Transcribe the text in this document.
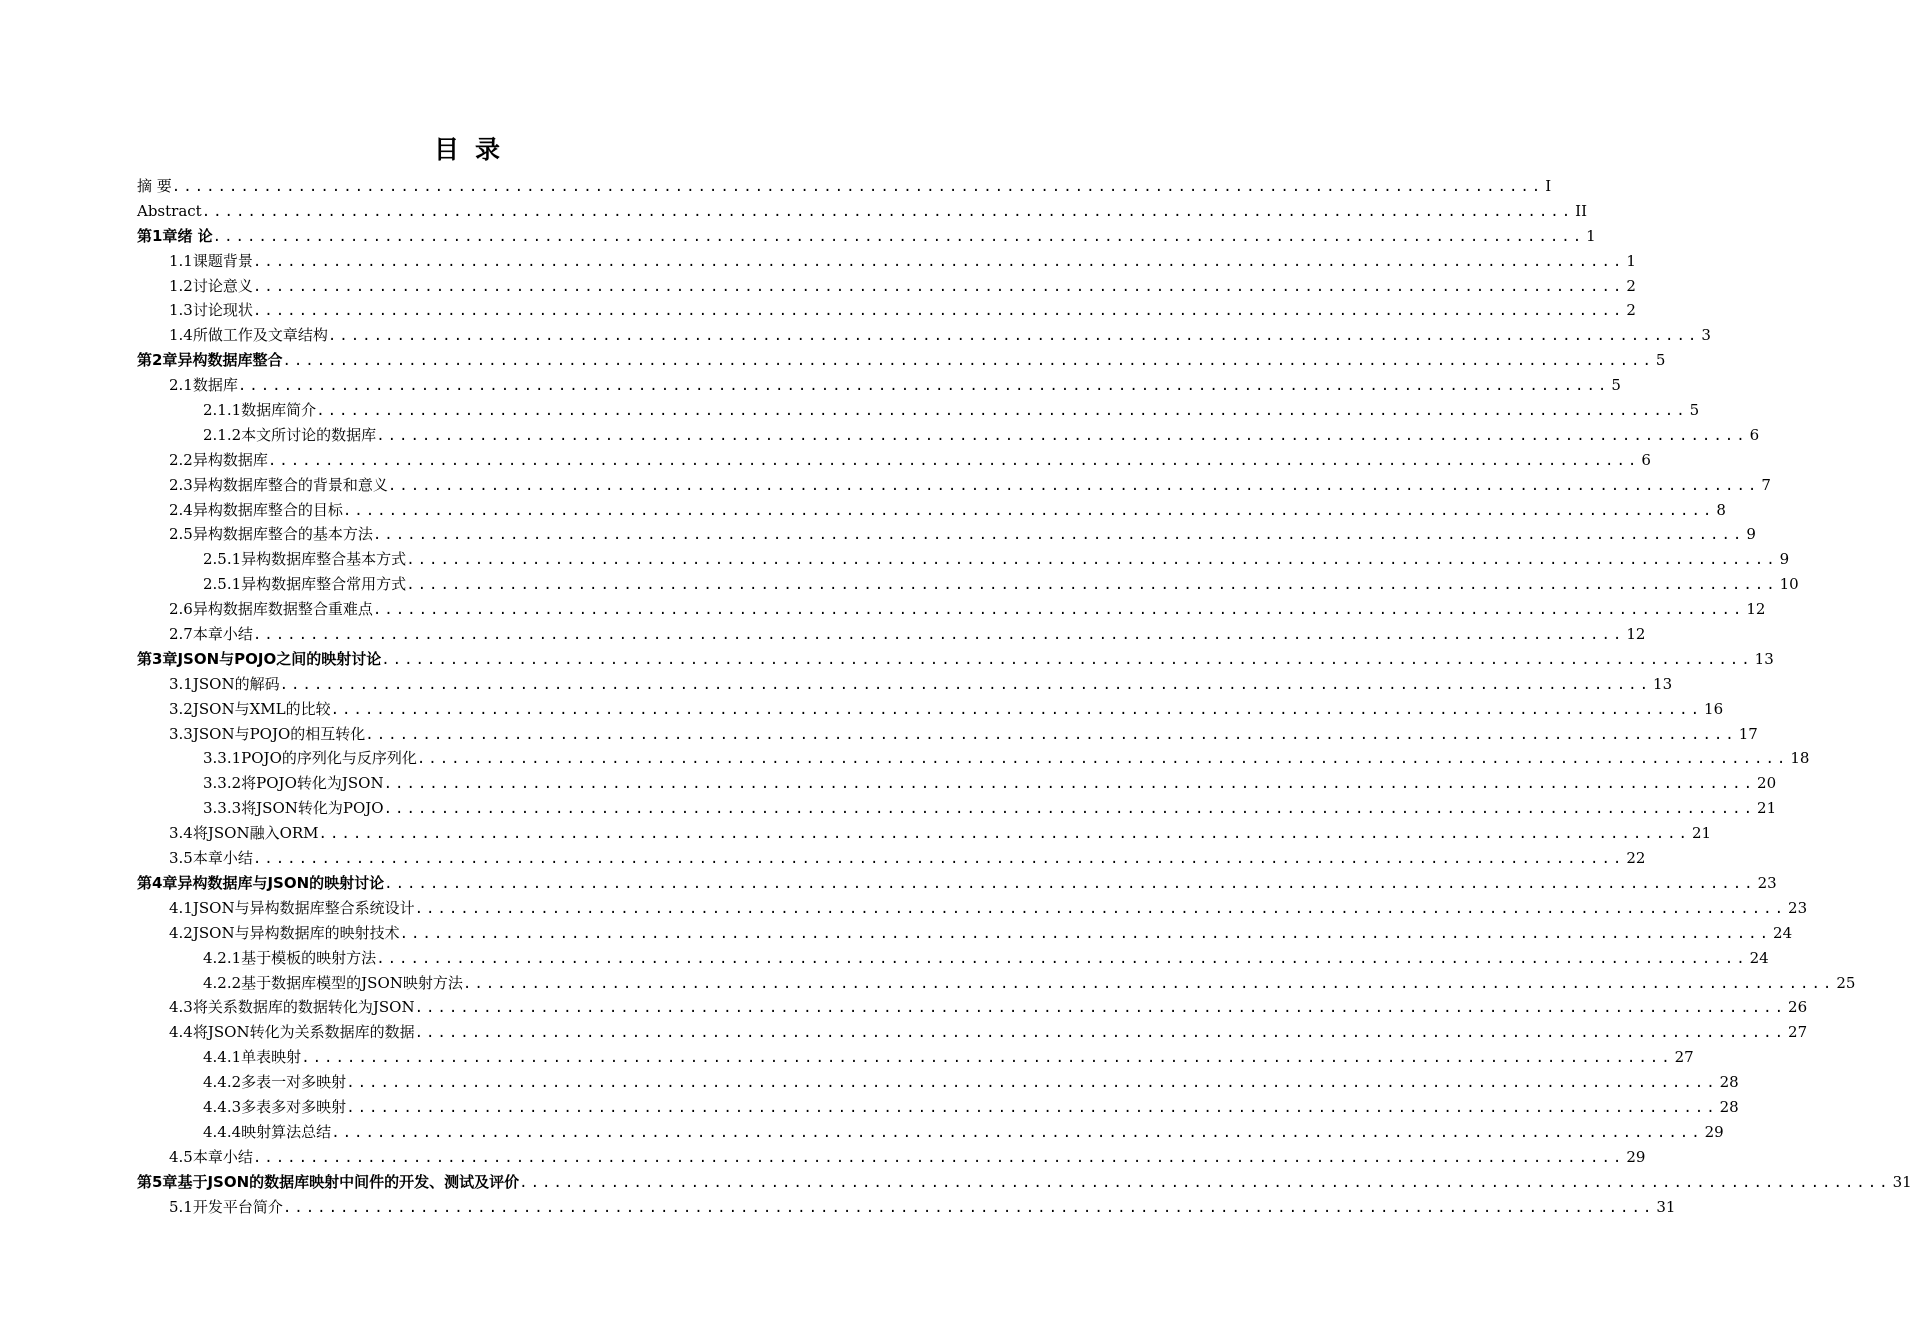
目录
摘 要 ........................................................................................................................ I
Abstract ........................................................................................................................ II
第1章 绪 论 ........................................................................................................................ 1
1.1 课题背景 ........................................................................................................................ 1
1.2 讨论意义 ........................................................................................................................ 2
1.3 讨论现状 ........................................................................................................................ 2
1.4 所做工作及文章结构 ........................................................................................................................ 3
第2章 异构数据库整合 ........................................................................................................................ 5
2.1 数据库 ........................................................................................................................ 5
2.1.1 数据库简介 ........................................................................................................................ 5
2.1.2 本文所讨论的数据库 ........................................................................................................................ 6
2.2 异构数据库 ........................................................................................................................ 6
2.3 异构数据库整合的背景和意义 ........................................................................................................................ 7
2.4 异构数据库整合的目标 ........................................................................................................................ 8
2.5 异构数据库整合的基本方法 ........................................................................................................................ 9
2.5.1 异构数据库整合基本方式 ........................................................................................................................ 9
2.5.1 异构数据库整合常用方式 ........................................................................................................................ 10
2.6 异构数据库数据整合重难点 ........................................................................................................................ 12
2.7 本章小结 ........................................................................................................................ 12
第3章 JSON与POJO之间的映射讨论 ........................................................................................................................ 13
3.1 JSON的解码 ........................................................................................................................ 13
3.2 JSON与XML的比较 ........................................................................................................................ 16
3.3 JSON与POJO的相互转化 ........................................................................................................................ 17
3.3.1 POJO的序列化与反序列化 ........................................................................................................................ 18
3.3.2 将POJO转化为JSON ........................................................................................................................ 20
3.3.3 将JSON转化为POJO ........................................................................................................................ 21
3.4 将JSON融入ORM ........................................................................................................................ 21
3.5 本章小结 ........................................................................................................................ 22
第4章 异构数据库与JSON的映射讨论 ........................................................................................................................ 23
4.1 JSON与异构数据库整合系统设计 ........................................................................................................................ 23
4.2 JSON与异构数据库的映射技术 ........................................................................................................................ 24
4.2.1 基于模板的映射方法 ........................................................................................................................ 24
4.2.2 基于数据库模型的JSON映射方法 ........................................................................................................................ 25
4.3 将关系数据库的数据转化为JSON ........................................................................................................................ 26
4.4 将JSON转化为关系数据库的数据 ........................................................................................................................ 27
4.4.1 单表映射 ........................................................................................................................ 27
4.4.2 多表一对多映射 ........................................................................................................................ 28
4.4.3 多表多对多映射 ........................................................................................................................ 28
4.4.4 映射算法总结 ........................................................................................................................ 29
4.5 本章小结 ........................................................................................................................ 29
第5章 基于JSON的数据库映射中间件的开发、测试及评价 ........................................................................................................................ 31
5.1 开发平台简介 ........................................................................................................................ 31
